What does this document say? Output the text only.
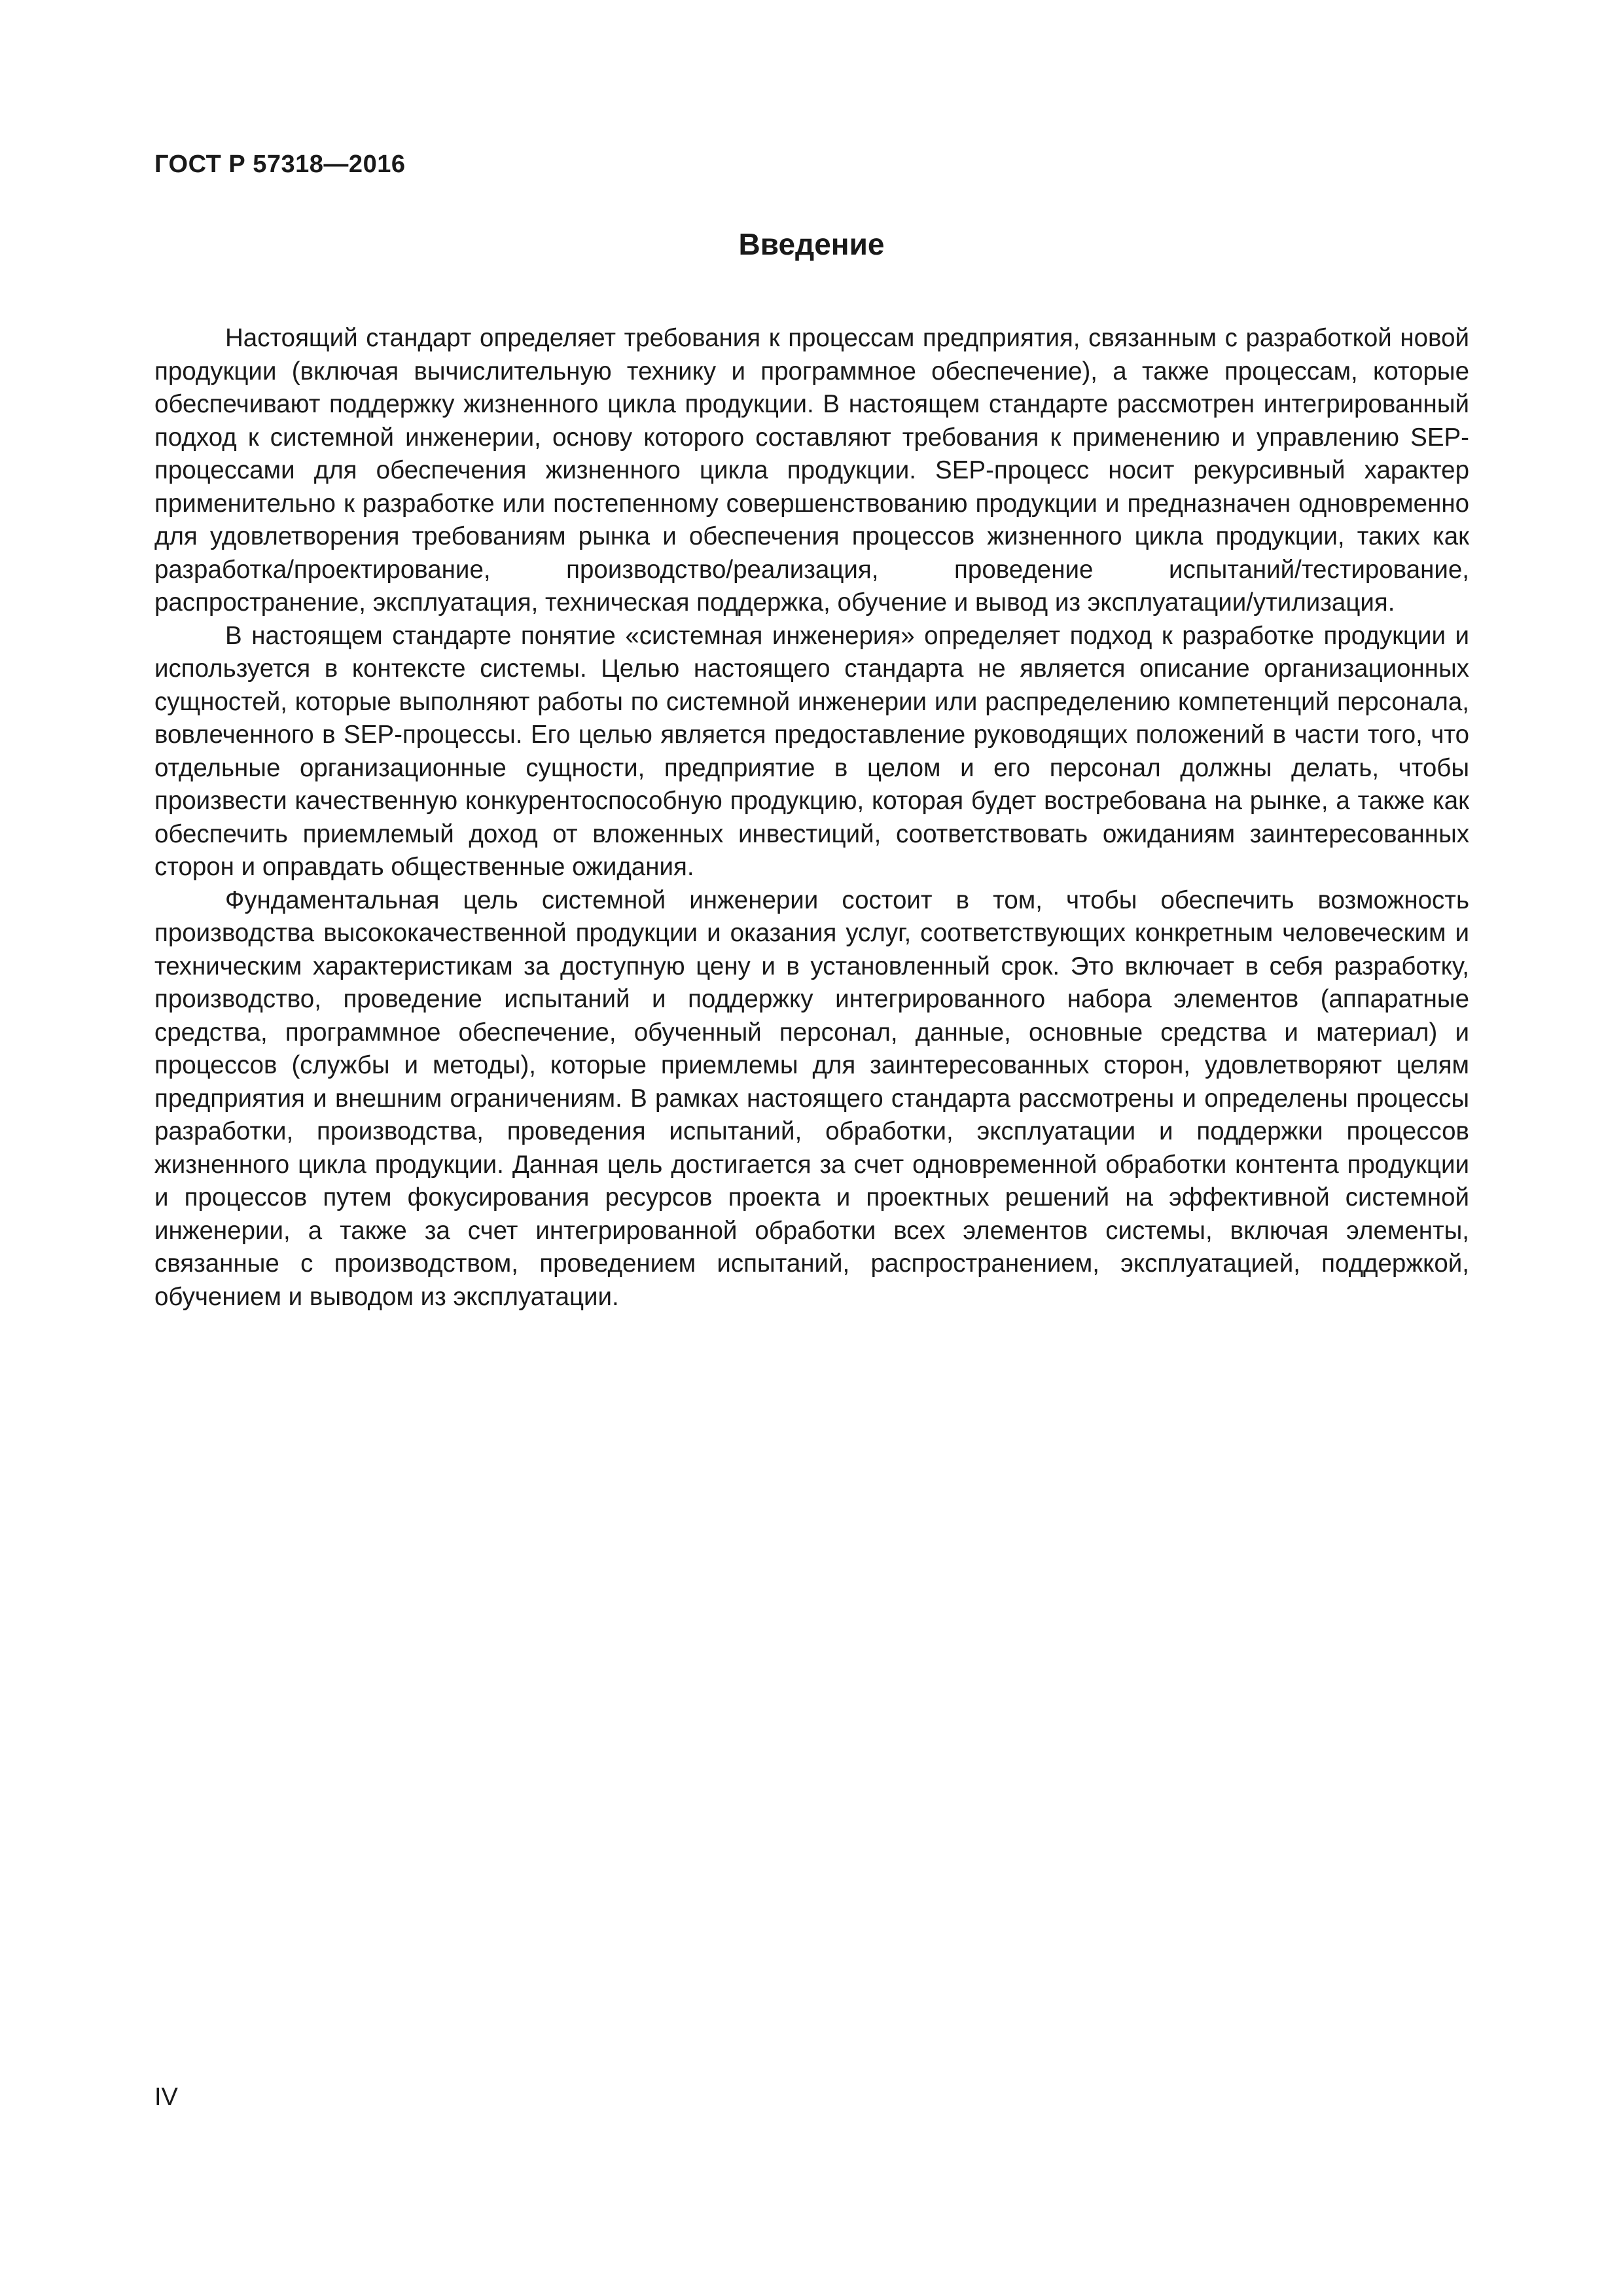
ГОСТ Р 57318—2016
Введение

Настоящий стандарт определяет требования к процессам предприятия, связанным с разработкой новой продукции (включая вычислительную технику и программное обеспечение), а также процессам, которые обеспечивают поддержку жизненного цикла продукции. В настоящем стандарте рассмотрен интегрированный подход к системной инженерии, основу которого составляют требования к применению и управлению SEP-процессами для обеспечения жизненного цикла продукции. SEP-процесс носит рекурсивный характер применительно к разработке или постепенному совершенствованию продукции и предназначен одновременно для удовлетворения требованиям рынка и обеспечения процессов жизненного цикла продукции, таких как разработка/проектирование, производство/реализация, проведение испытаний/тестирование, распространение, эксплуатация, техническая поддержка, обучение и вывод из эксплуатации/утилизация.

В настоящем стандарте понятие «системная инженерия» определяет подход к разработке продукции и используется в контексте системы. Целью настоящего стандарта не является описание организационных сущностей, которые выполняют работы по системной инженерии или распределению компетенций персонала, вовлеченного в SEP-процессы. Его целью является предоставление руководящих положений в части того, что отдельные организационные сущности, предприятие в целом и его персонал должны делать, чтобы произвести качественную конкурентоспособную продукцию, которая будет востребована на рынке, а также как обеспечить приемлемый доход от вложенных инвестиций, соответствовать ожиданиям заинтересованных сторон и оправдать общественные ожидания.

Фундаментальная цель системной инженерии состоит в том, чтобы обеспечить возможность производства высококачественной продукции и оказания услуг, соответствующих конкретным человеческим и техническим характеристикам за доступную цену и в установленный срок. Это включает в себя разработку, производство, проведение испытаний и поддержку интегрированного набора элементов (аппаратные средства, программное обеспечение, обученный персонал, данные, основные средства и материал) и процессов (службы и методы), которые приемлемы для заинтересованных сторон, удовлетворяют целям предприятия и внешним ограничениям. В рамках настоящего стандарта рассмотрены и определены процессы разработки, производства, проведения испытаний, обработки, эксплуатации и поддержки процессов жизненного цикла продукции. Данная цель достигается за счет одновременной обработки контента продукции и процессов путем фокусирования ресурсов проекта и проектных решений на эффективной системной инженерии, а также за счет интегрированной обработки всех элементов системы, включая элементы, связанные с производством, проведением испытаний, распространением, эксплуатацией, поддержкой, обучением и выводом из эксплуатации.

IV
